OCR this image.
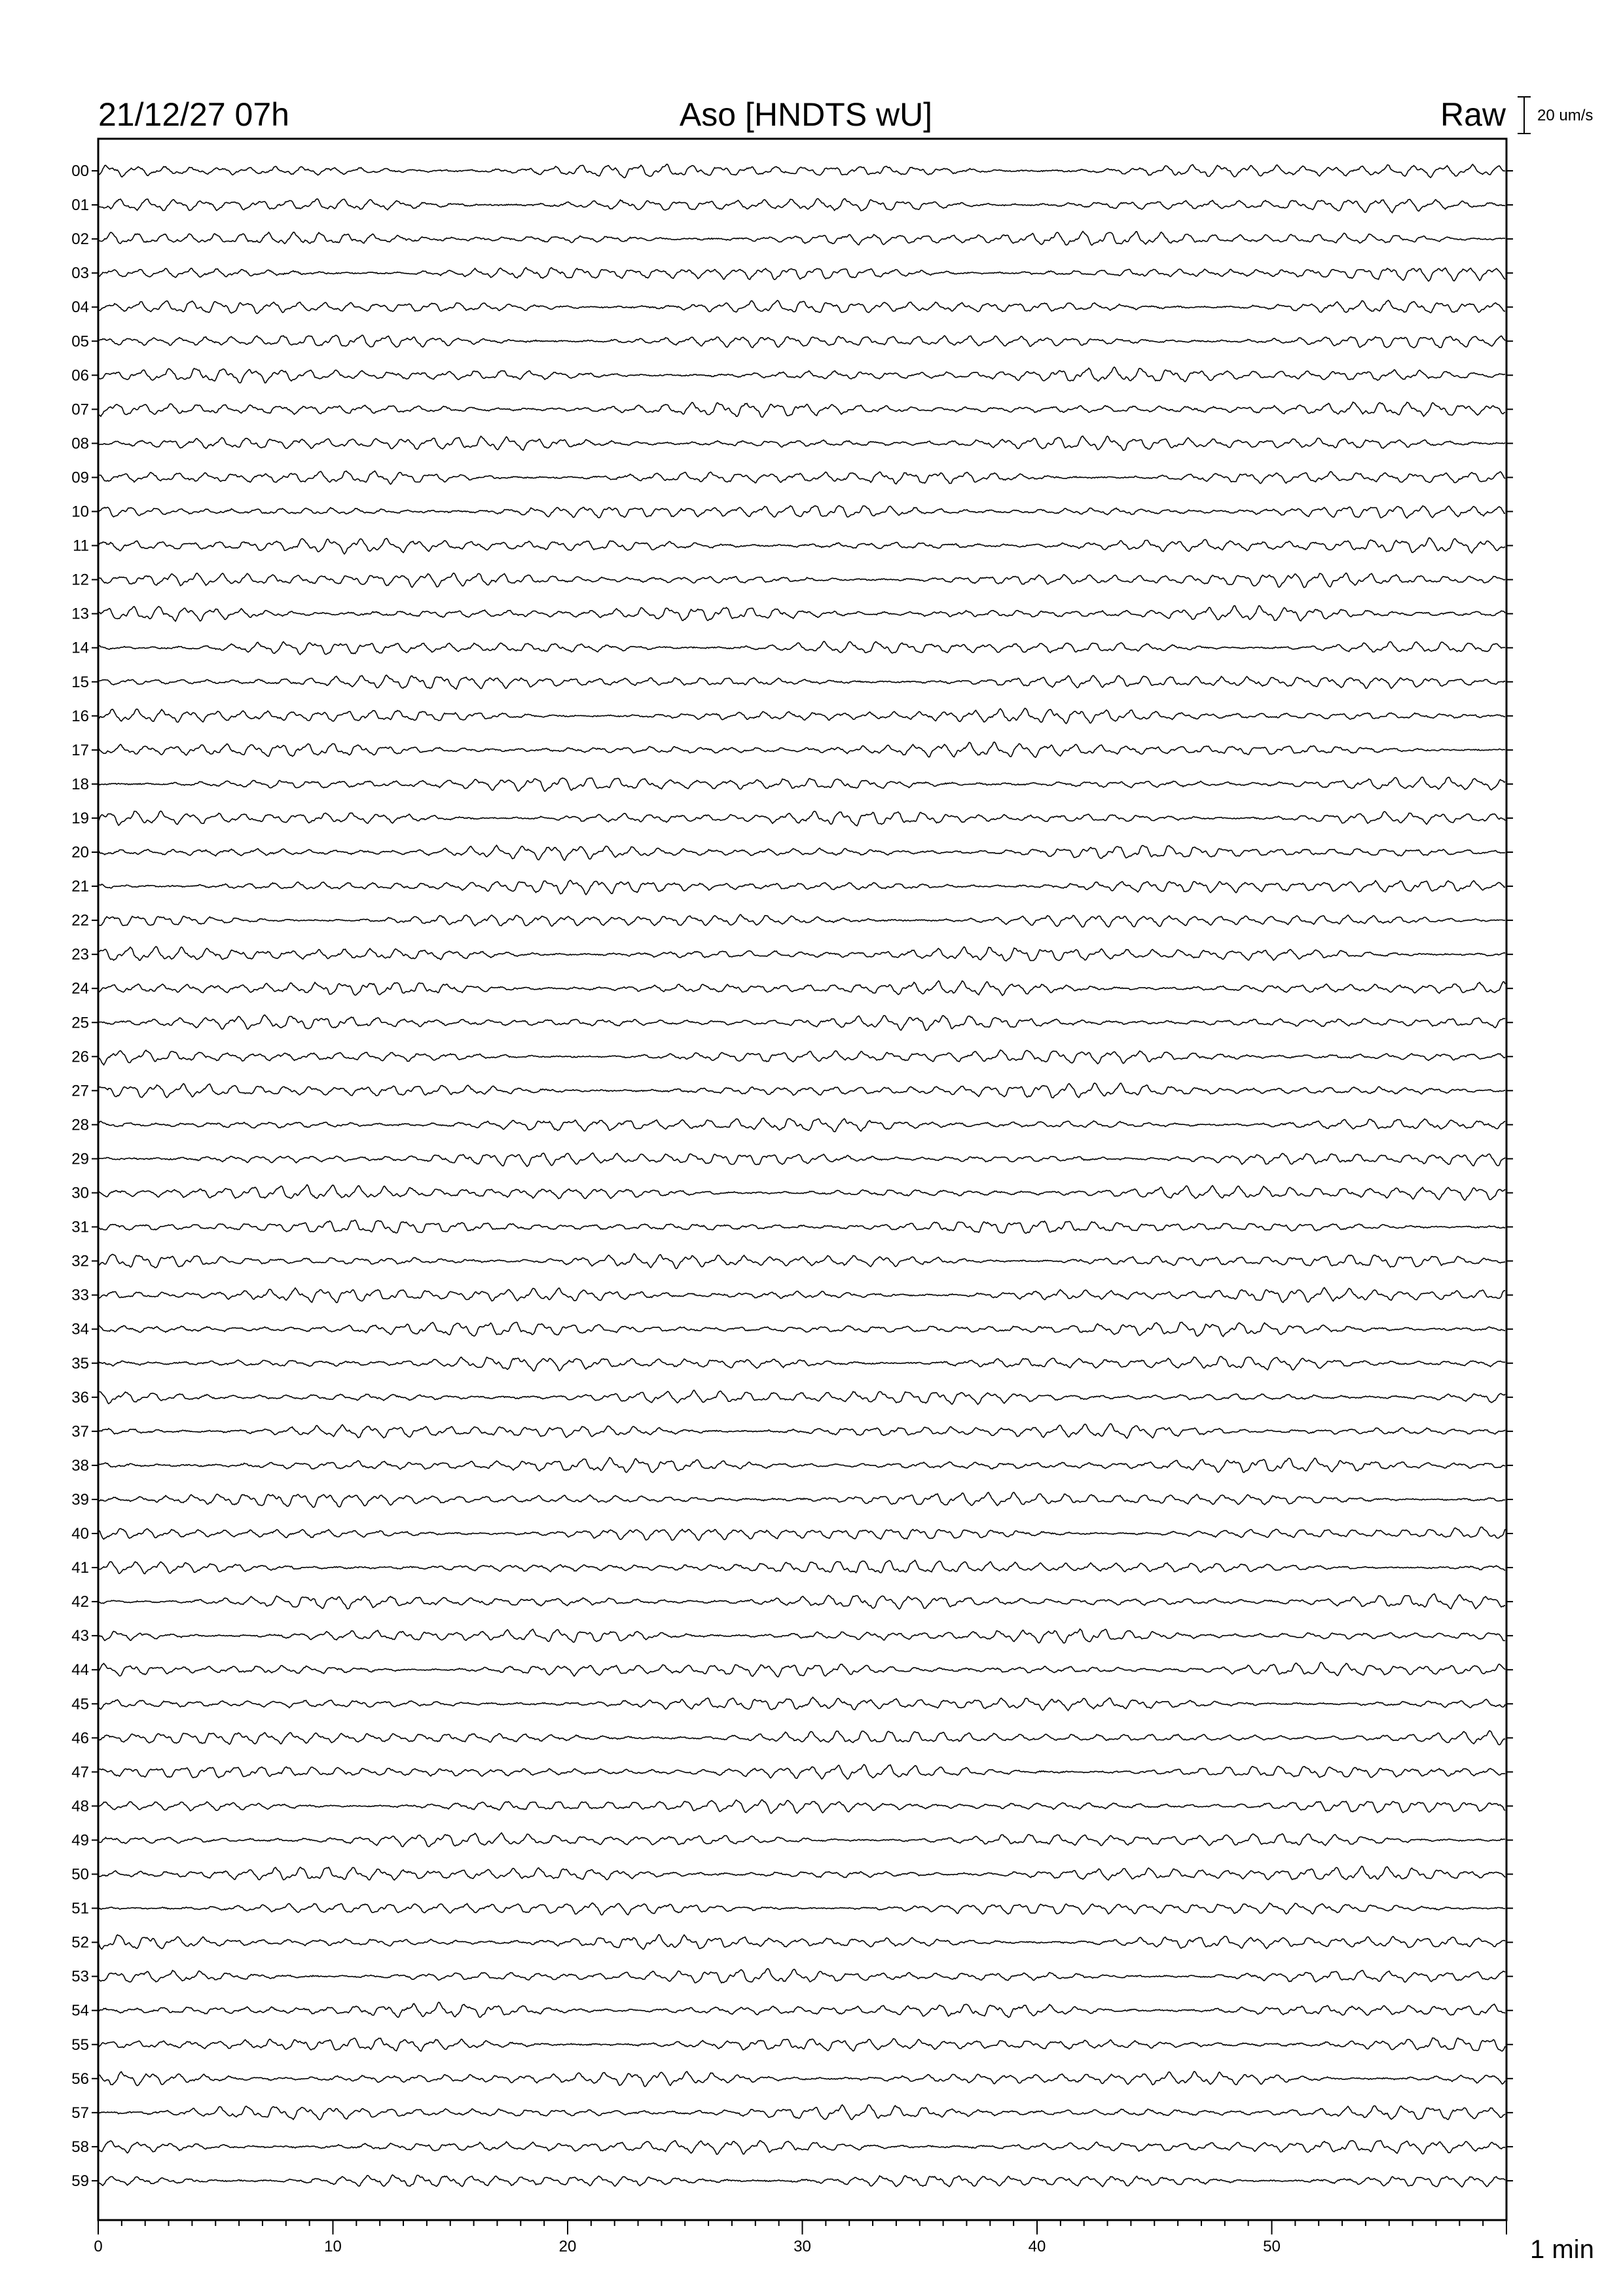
21/12/27 07h	Aso [HNDTS wU]	Raw 20 um/s
00
01
02
03
04
05
06
07
08
09
10
11
12
13
14
15
16
17
18
19
20
21
22
23
24
25
26
27
28
29
30
31
32
33
34
35
36
37
38
39
40
41
42
43
44
45
46
47
48
49
50
51
52
53
54
55
56
57
58
59
0	10	20	30	40	50	1 min
